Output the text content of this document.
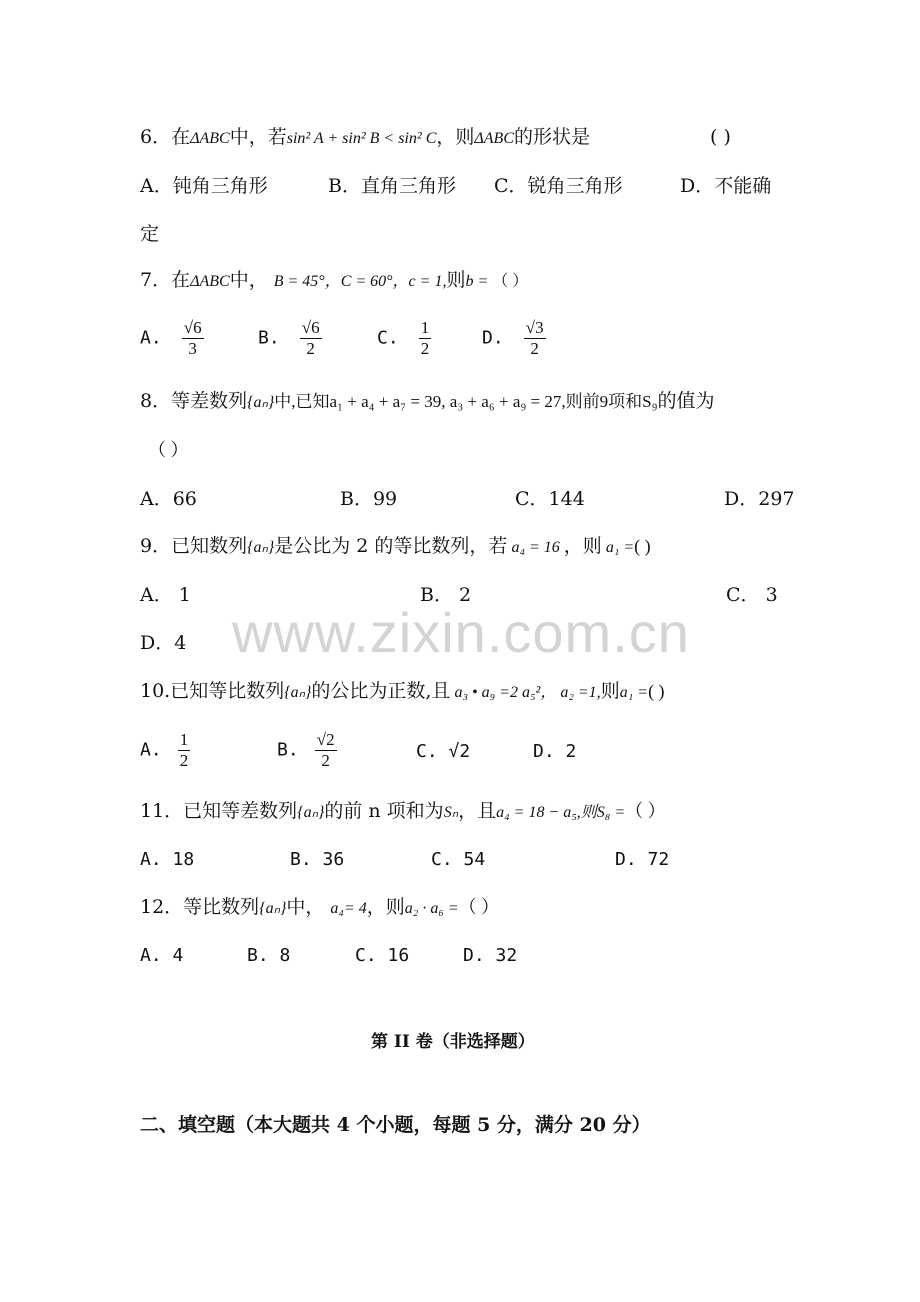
6．在ΔABC中，若sin² A + sin² B < sin² C，则ΔABC的形状是	( )
A．钝角三角形	B．直角三角形 C．锐角三角形	D．不能确
定
7．在ΔABC中， B = 45°，C = 60°，c = 1,则b = （ ）
A. $\frac{√6}{3}$	B. $\frac{√6}{2}$	C. $\frac{1}{2}$	D. $\frac{√3}{2}$
8．等差数列{aₙ}中,已知a₁ + a₄ + a₇ = 39, a₃ + a₆ + a₉ = 27,则前9项和S₉的值为
（ ）
A．66	B．99	C．144	D．297
9．已知数列{aₙ}是公比为 2 的等比数列，若 a₄ = 16 ，则 a₁ =( )
A． 1	B． 2	C． 3
D．4 www.zixin.com.cn
10.已知等比数列{aₙ}的公比为正数,且 a₃ • a₉ =2 a₅²， a₂ =1,则a₁ =( )
A. $\frac{1}{2}$	B. $\frac{√2}{2}$	C. √2	D. 2
11．已知等差数列{aₙ}的前 n 项和为Sₙ，且a₄ = 18 − a₅,则S₈ =（ ）
A. 18	B. 36	C. 54	D. 72
12．等比数列{aₙ}中， a₄= 4，则a₂ · a₆ =（ ）
A. 4	B. 8	C. 16	D. 32
第 II 卷（非选择题）
二、填空题（本大题共 4 个小题，每题 5 分，满分 20 分）
